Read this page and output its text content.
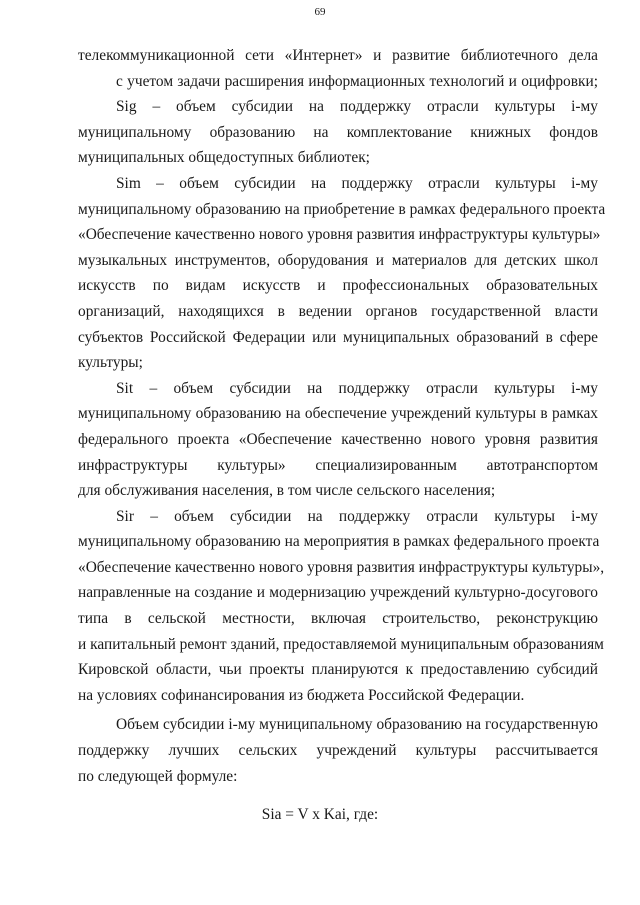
69
телекоммуникационной сети «Интернет» и развитие библиотечного дела
с учетом задачи расширения информационных технологий и оцифровки;
Sig – объем субсидии на поддержку отрасли культуры i-му
муниципальному образованию на комплектование книжных фондов
муниципальных общедоступных библиотек;
Sim – объем субсидии на поддержку отрасли культуры i-му
муниципальному образованию на приобретение в рамках федерального проекта
«Обеспечение качественно нового уровня развития инфраструктуры культуры»
музыкальных инструментов, оборудования и материалов для детских школ
искусств по видам искусств и профессиональных образовательных
организаций, находящихся в ведении органов государственной власти
субъектов Российской Федерации или муниципальных образований в сфере
культуры;
Sit – объем субсидии на поддержку отрасли культуры i-му
муниципальному образованию на обеспечение учреждений культуры в рамках
федерального проекта «Обеспечение качественно нового уровня развития
инфраструктуры культуры» специализированным автотранспортом
для обслуживания населения, в том числе сельского населения;
Sir – объем субсидии на поддержку отрасли культуры i-му
муниципальному образованию на мероприятия в рамках федерального проекта
«Обеспечение качественно нового уровня развития инфраструктуры культуры»,
направленные на создание и модернизацию учреждений культурно-досугового
типа в сельской местности, включая строительство, реконструкцию
и капитальный ремонт зданий, предоставляемой муниципальным образованиям
Кировской области, чьи проекты планируются к предоставлению субсидий
на условиях софинансирования из бюджета Российской Федерации.
Объем субсидии i-му муниципальному образованию на государственную
поддержку лучших сельских учреждений культуры рассчитывается
по следующей формуле:
Sia = V x Kai, где:
